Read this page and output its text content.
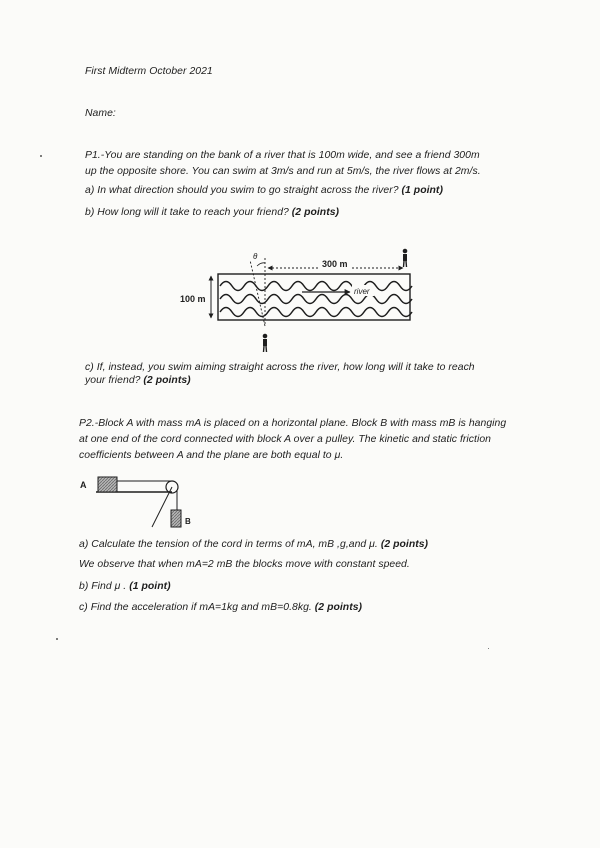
First Midterm October 2021
Name:
P1.-You are standing on the bank of a river that is 100m wide, and see a friend 300m
up the opposite shore. You can swim at 3m/s and run at 5m/s, the river flows at 2m/s.
a) In what direction should you swim to go straight across the river? (1 point)
b) How long will it take to reach your friend? (2 points)
river
100 m
300 m
θ
c) If, instead, you swim aiming straight across the river, how long will it take to reach
your friend? (2 points)
P2.-Block A with mass mA is placed on a horizontal plane. Block B with mass mB is hanging
at one end of the cord connected with block A over a pulley. The kinetic and static friction
coefficients between A and the plane are both equal to μ.
A
B
a) Calculate the tension of the cord in terms of mA, mB ,g,and μ. (2 points)
We observe that when mA=2 mB the blocks move with constant speed.
b) Find μ . (1 point)
c) Find the acceleration if mA=1kg and mB=0.8kg. (2 points)
